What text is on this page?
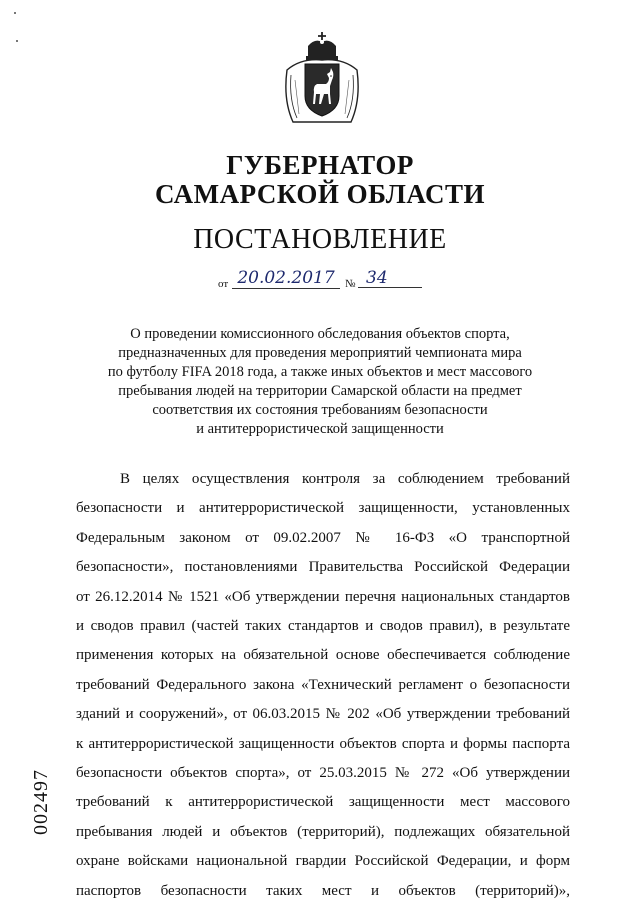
ГУБЕРНАТОР
САМАРСКОЙ ОБЛАСТИ
ПОСТАНОВЛЕНИЕ
от 20.02.2017 № 34
О проведении комиссионного обследования объектов спорта,
предназначенных для проведения мероприятий чемпионата мира
по футболу FIFA 2018 года, а также иных объектов и мест массового
пребывания людей на территории Самарской области на предмет
соответствия их состояния требованиям безопасности
и антитеррористической защищенности
В целях осуществления контроля за соблюдением требований
безопасности и антитеррористической защищенности, установленных
Федеральным законом от 09.02.2007 № 16-ФЗ «О транспортной
безопасности», постановлениями Правительства Российской Федерации
от 26.12.2014 № 1521 «Об утверждении перечня национальных стандартов
и сводов правил (частей таких стандартов и сводов правил), в результате
применения которых на обязательной основе обеспечивается соблюдение
требований Федерального закона «Технический регламент о безопасности
зданий и сооружений», от 06.03.2015 № 202 «Об утверждении требований
к антитеррористической защищенности объектов спорта и формы паспорта
безопасности объектов спорта», от 25.03.2015 № 272 «Об утверждении
требований к антитеррористической защищенности мест массового
пребывания людей и объектов (территорий), подлежащих обязательной
охране войсками национальной гвардии Российской Федерации, и форм
паспортов безопасности таких мест и объектов (территорий)»,
002497
